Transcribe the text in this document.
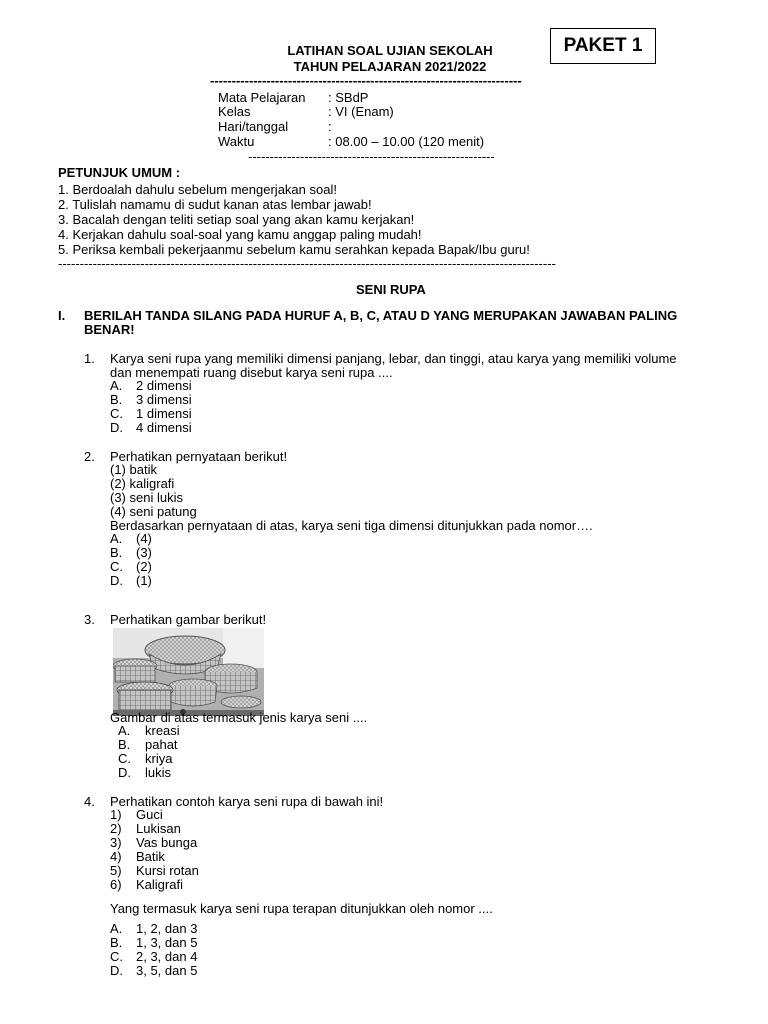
PAKET 1
LATIHAN SOAL UJIAN SEKOLAH
TAHUN PELAJARAN 2021/2022
------------------------------------------------------------------------
Mata Pelajaran : SBdP
Kelas	: VI (Enam)
Hari/tanggal	:
Waktu	: 08.00 – 10.00 (120 menit)
---------------------------------------------------------
PETUNJUK UMUM :
1. Berdoalah dahulu sebelum mengerjakan soal!
2. Tulislah namamu di sudut kanan atas lembar jawab!
3. Bacalah dengan teliti setiap soal yang akan kamu kerjakan!
4. Kerjakan dahulu soal-soal yang kamu anggap paling mudah!
5. Periksa kembali pekerjaanmu sebelum kamu serahkan kepada Bapak/Ibu guru!
-------------------------------------------------------------------------------------------------------------------
SENI RUPA
I. BERILAH TANDA SILANG PADA HURUF A, B, C, ATAU D YANG MERUPAKAN JAWABAN PALING
BENAR!
1. Karya seni rupa yang memiliki dimensi panjang, lebar, dan tinggi, atau karya yang memiliki volume
dan menempati ruang disebut karya seni rupa ....
A. 2 dimensi
B. 3 dimensi
C. 1 dimensi
D. 4 dimensi
2. Perhatikan pernyataan berikut!
(1) batik
(2) kaligrafi
(3) seni lukis
(4) seni patung
Berdasarkan pernyataan di atas, karya seni tiga dimensi ditunjukkan pada nomor….
A. (4)
B. (3)
C. (2)
D. (1)
3. Perhatikan gambar berikut!
Gambar di atas termasuk jenis karya seni ....
A. kreasi
B. pahat
C. kriya
D. lukis
4. Perhatikan contoh karya seni rupa di bawah ini!
1) Guci
2) Lukisan
3) Vas bunga
4) Batik
5) Kursi rotan
6) Kaligrafi
Yang termasuk karya seni rupa terapan ditunjukkan oleh nomor ....
A. 1, 2, dan 3
B. 1, 3, dan 5
C. 2, 3, dan 4
D. 3, 5, dan 5
